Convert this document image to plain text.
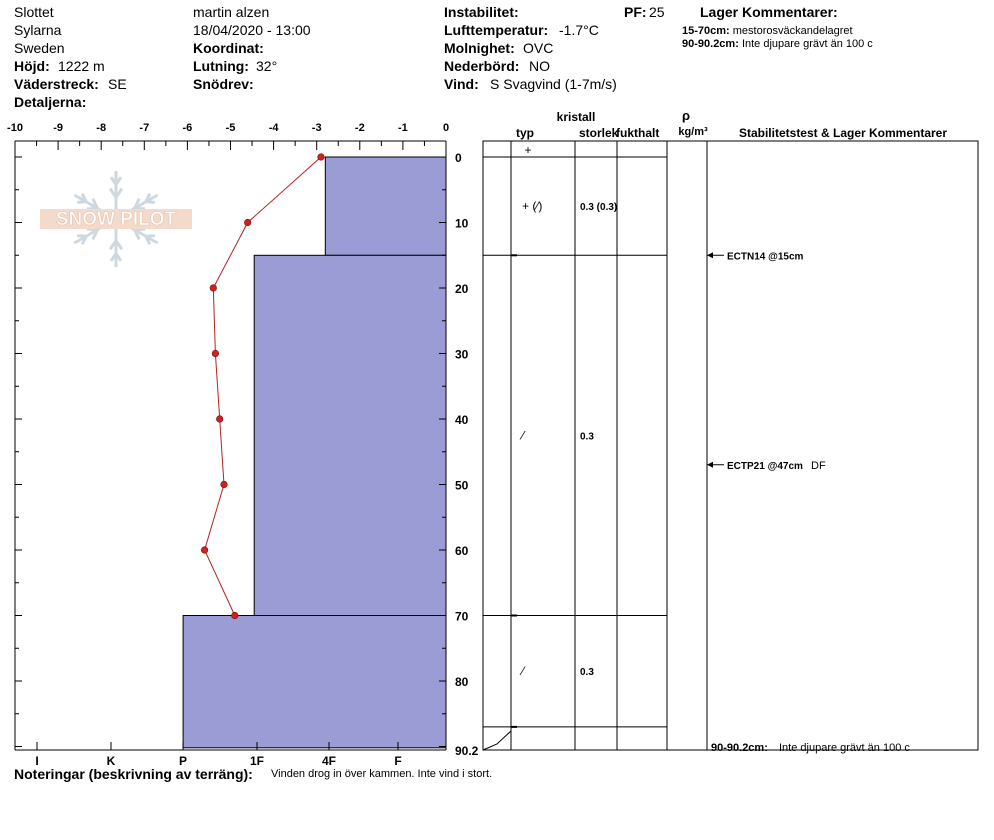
Slottet
Sylarna
Sweden
Höjd: 1222 m
Väderstreck: SE
Detaljerna:
martin alzen
18/04/2020 - 13:00
Koordinat:
Lutning: 32°
Snödrev:
Instabilitet:	PF: 25
Lufttemperatur: -1.7°C
Molnighet: OVC
Nederbörd: NO
Vind: S Svagvind (1-7m/s)
Lager Kommentarer:
15-70cm: mestorosväckandelagret
90-90.2cm: Inte djupare grävt än 100 c
SNOW PILOT
-10	-9	-8	-7	-6	-5	-4	-3	-2	-1	0
0
10
20
30
40
50
60
70
80
90.2
I	K	P	1F	4F	F
kristall
typ	storlek
fukthalt
ρ
kg/m³	Stabilitetstest & Lager Kommentarer
+ (⁄)	0.3 (0.3)
+
⁄	0.3
⁄	0.3
ECTN14 @15cm
ECTP21 @47cm DF
90-90.2cm: Inte djupare grävt än 100 c
Noteringar (beskrivning av terräng): Vinden drog in över kammen. Inte vind i stort.
